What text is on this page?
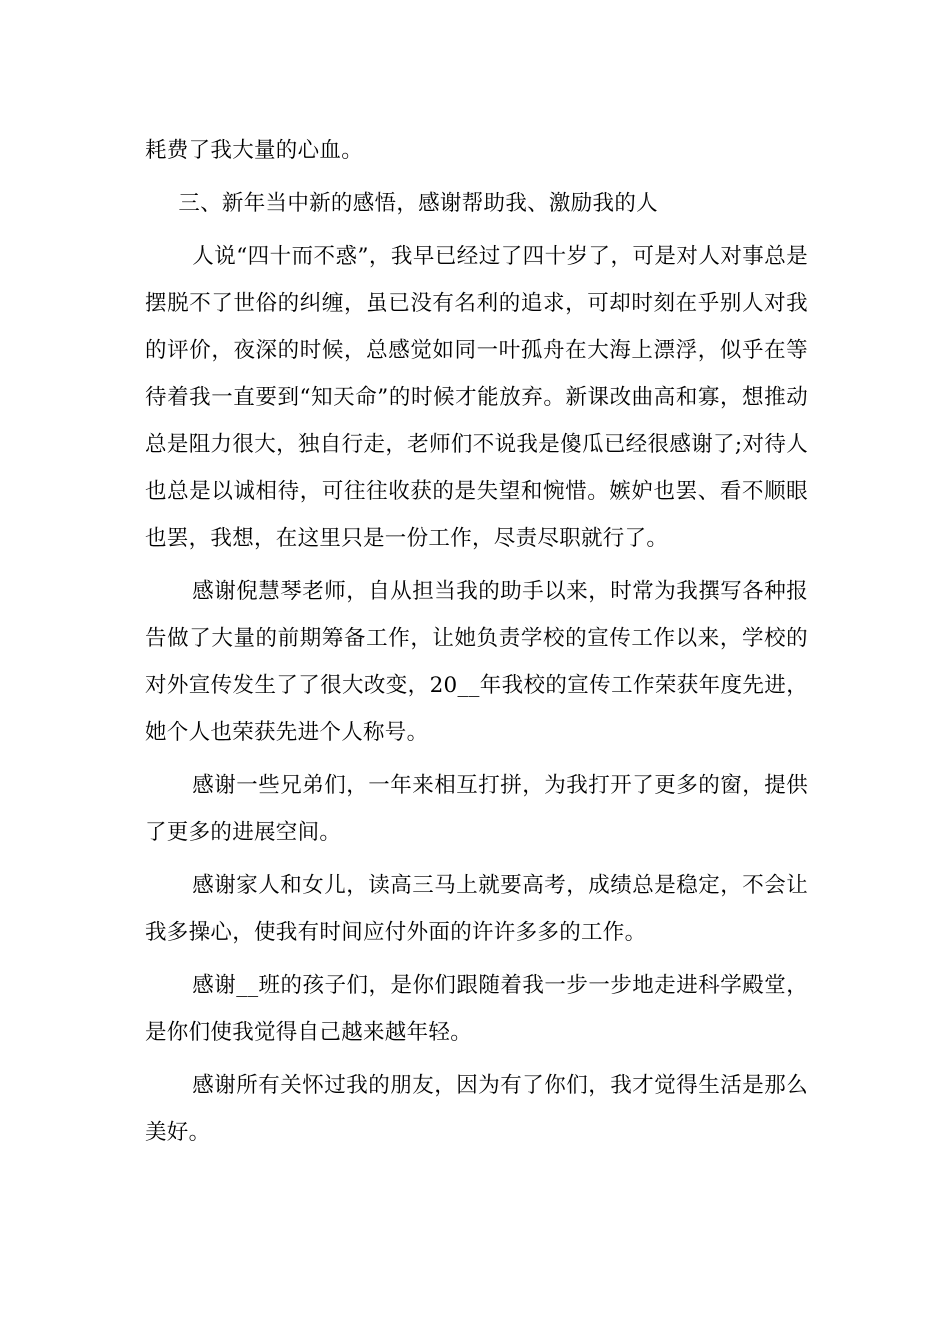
耗费了我大量的心血。

三、新年当中新的感悟，感谢帮助我、激励我的人

人说“四十而不惑”，我早已经过了四十岁了，可是对人对事总是摆脱不了世俗的纠缠，虽已没有名利的追求，可却时刻在乎别人对我的评价，夜深的时候，总感觉如同一叶孤舟在大海上漂浮，似乎在等待着我一直要到“知天命”的时候才能放弃。新课改曲高和寡，想推动总是阻力很大，独自行走，老师们不说我是傻瓜已经很感谢了;对待人也总是以诚相待，可往往收获的是失望和惋惜。嫉妒也罢、看不顺眼也罢，我想，在这里只是一份工作，尽责尽职就行了。

感谢倪慧琴老师，自从担当我的助手以来，时常为我撰写各种报告做了大量的前期筹备工作，让她负责学校的宣传工作以来，学校的对外宣传发生了了很大改变，20__年我校的宣传工作荣获年度先进，她个人也荣获先进个人称号。

感谢一些兄弟们，一年来相互打拼，为我打开了更多的窗，提供了更多的进展空间。

感谢家人和女儿，读高三马上就要高考，成绩总是稳定，不会让我多操心，使我有时间应付外面的许许多多的工作。

感谢__班的孩子们，是你们跟随着我一步一步地走进科学殿堂，是你们使我觉得自己越来越年轻。

感谢所有关怀过我的朋友，因为有了你们，我才觉得生活是那么美好。
